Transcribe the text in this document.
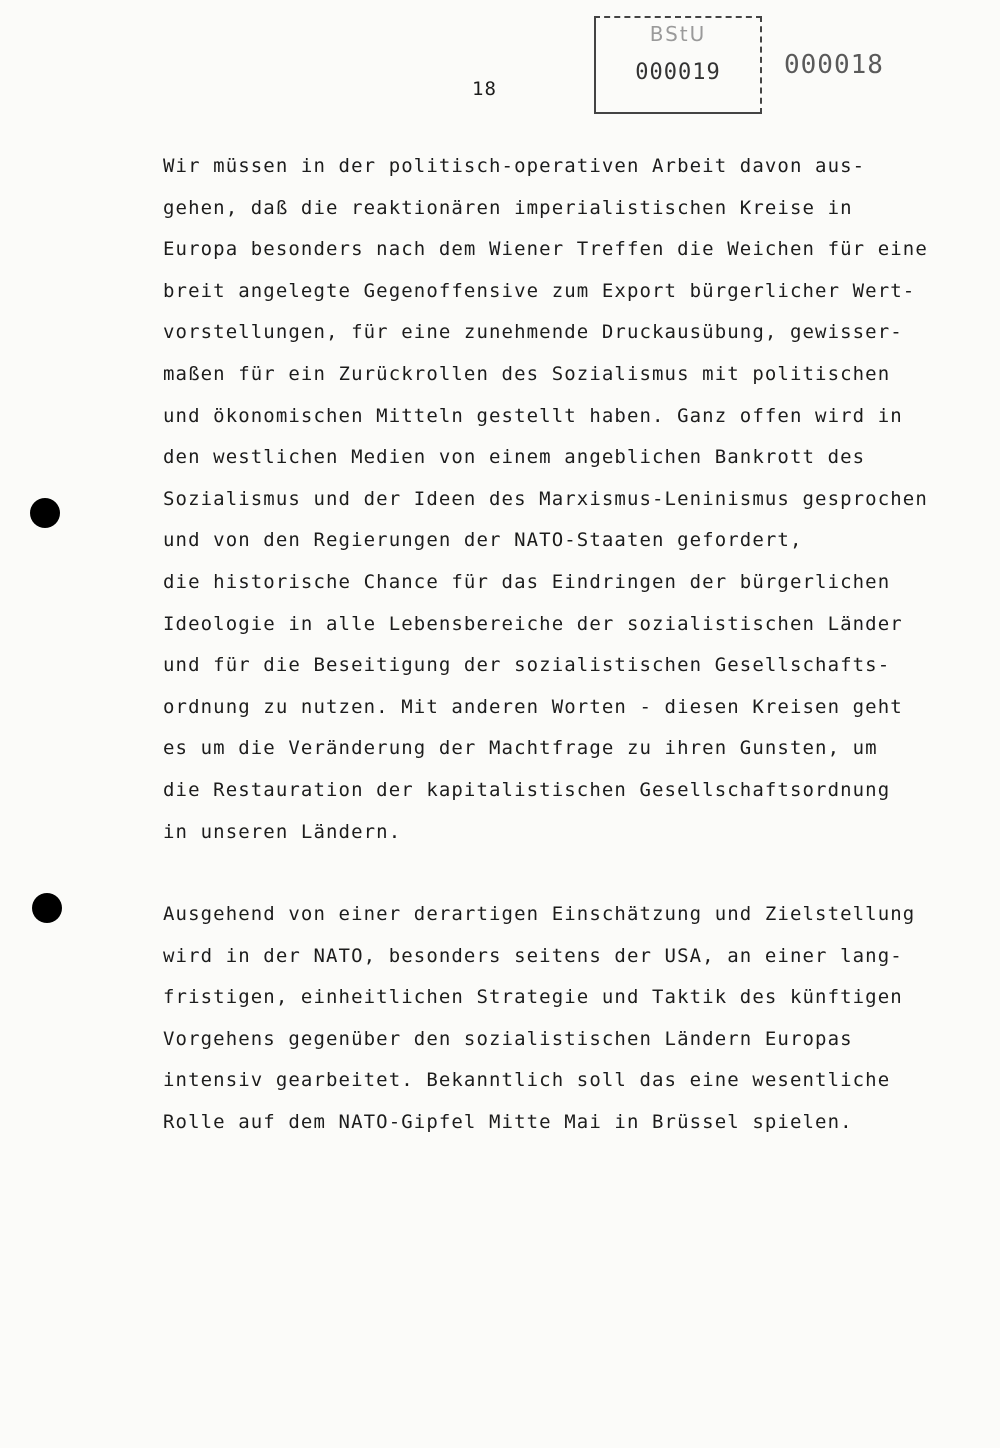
18
BStU
000019	000018
Wir müssen in der politisch-operativen Arbeit davon aus-
gehen, daß die reaktionären imperialistischen Kreise in
Europa besonders nach dem Wiener Treffen die Weichen für eine
breit angelegte Gegenoffensive zum Export bürgerlicher Wert-
vorstellungen, für eine zunehmende Druckausübung, gewisser-
maßen für ein Zurückrollen des Sozialismus mit politischen
und ökonomischen Mitteln gestellt haben. Ganz offen wird in
den westlichen Medien von einem angeblichen Bankrott des
Sozialismus und der Ideen des Marxismus-Leninismus gesprochen
und von den Regierungen der NATO-Staaten gefordert,
die historische Chance für das Eindringen der bürgerlichen
Ideologie in alle Lebensbereiche der sozialistischen Länder
und für die Beseitigung der sozialistischen Gesellschafts-
ordnung zu nutzen. Mit anderen Worten - diesen Kreisen geht
es um die Veränderung der Machtfrage zu ihren Gunsten, um
die Restauration der kapitalistischen Gesellschaftsordnung
in unseren Ländern.
Ausgehend von einer derartigen Einschätzung und Zielstellung
wird in der NATO, besonders seitens der USA, an einer lang-
fristigen, einheitlichen Strategie und Taktik des künftigen
Vorgehens gegenüber den sozialistischen Ländern Europas
intensiv gearbeitet. Bekanntlich soll das eine wesentliche
Rolle auf dem NATO-Gipfel Mitte Mai in Brüssel spielen.
